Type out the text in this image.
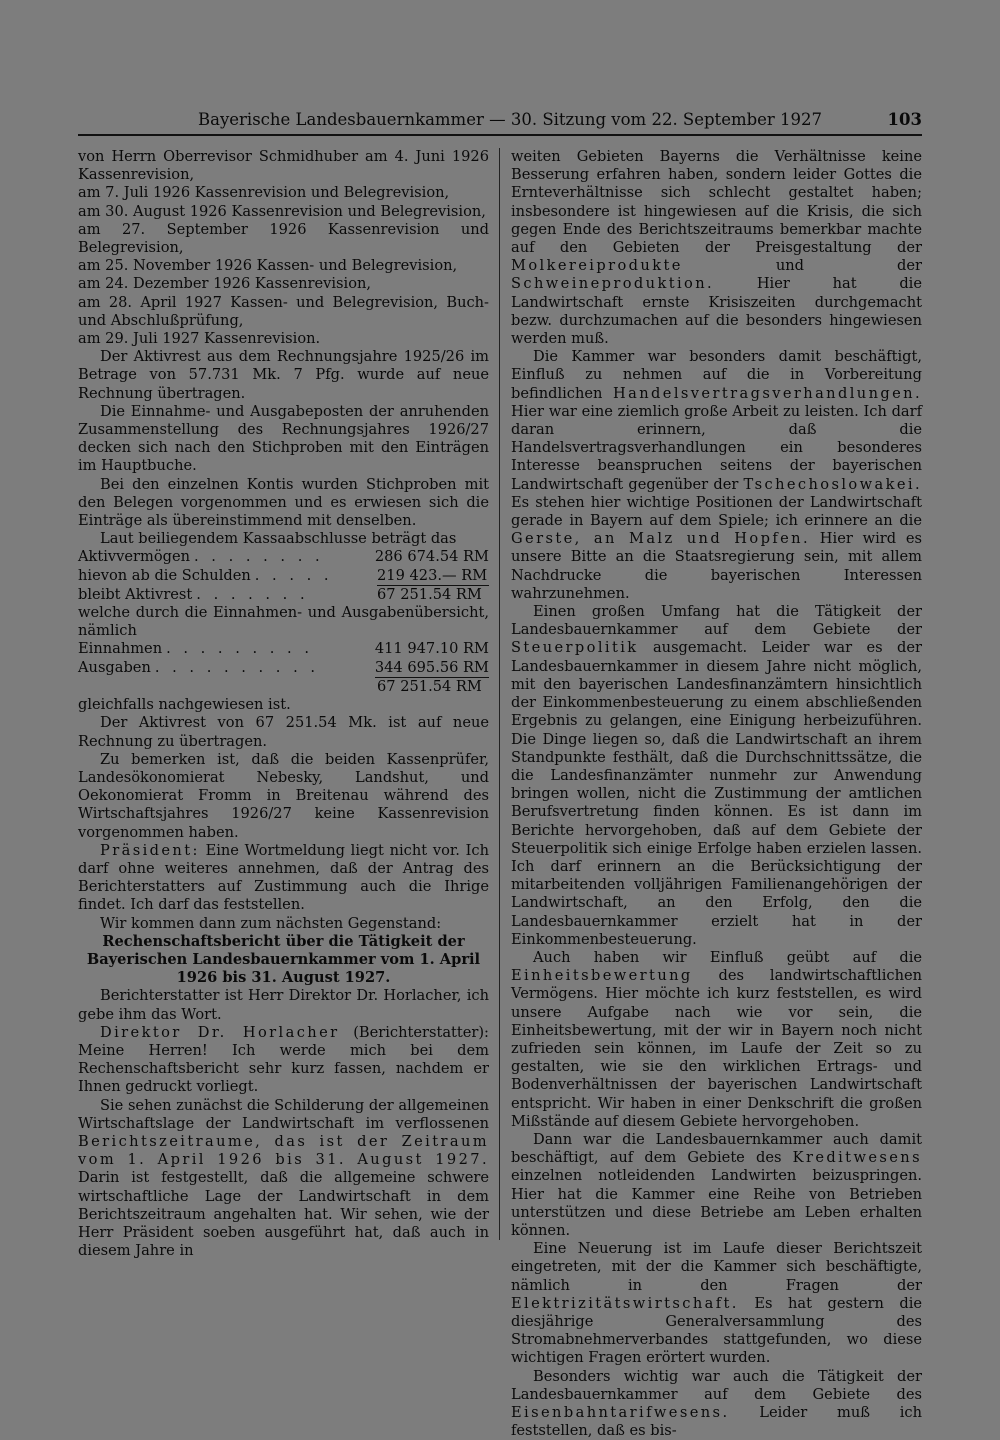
Bayerische Landesbauernkammer — 30. Sitzung vom 22. September 1927	103

von Herrn Oberrevisor Schmidhuber am 4. Juni 1926 Kassenrevision,

am 7. Juli 1926 Kassenrevision und Belegrevision,

am 30. August 1926 Kassenrevision und Belegrevision,

am 27. September 1926 Kassenrevision und Belegrevision,

am 25. November 1926 Kassen- und Belegrevision,

am 24. Dezember 1926 Kassenrevision,

am 28. April 1927 Kassen- und Belegrevision, Buch- und Abschlußprüfung,

am 29. Juli 1927 Kassenrevision.

Der Aktivrest aus dem Rechnungsjahre 1925/26 im Betrage von 57.731 Mk. 7 Pfg. wurde auf neue Rechnung übertragen.

Die Einnahme- und Ausgabeposten der anruhenden Zusammenstellung des Rechnungsjahres 1926/27 decken sich nach den Stichproben mit den Einträgen im Hauptbuche.

Bei den einzelnen Kontis wurden Stichproben mit den Belegen vorgenommen und es erwiesen sich die Einträge als übereinstimmend mit denselben.

Laut beiliegendem Kassaabschlusse beträgt das

Aktivvermögen . . . . . . . .	286 674.54 RM
hievon ab die Schulden . . . . .	219 423.— RM
bleibt Aktivrest . . . . . . .	67 251.54 RM

welche durch die Einnahmen- und Ausgabenübersicht, nämlich

Einnahmen . . . . . . . . .	411 947.10 RM
Ausgaben . . . . . . . . . .	344 695.56 RM
67 251.54 RM

gleichfalls nachgewiesen ist.

Der Aktivrest von 67 251.54 Mk. ist auf neue Rechnung zu übertragen.

Zu bemerken ist, daß die beiden Kassenprüfer, Landesökonomierat Nebesky, Landshut, und Oekonomierat Fromm in Breitenau während des Wirtschaftsjahres 1926/27 keine Kassenrevision vorgenommen haben.

Präsident: Eine Wortmeldung liegt nicht vor. Ich darf ohne weiteres annehmen, daß der Antrag des Berichterstatters auf Zustimmung auch die Ihrige findet. Ich darf das feststellen.

Wir kommen dann zum nächsten Gegenstand:

Rechenschaftsbericht über die Tätigkeit der Bayerischen Landesbauernkammer vom 1. April 1926 bis 31. August 1927.

Berichterstatter ist Herr Direktor Dr. Horlacher, ich gebe ihm das Wort.

Direktor Dr. Horlacher (Berichterstatter): Meine Herren! Ich werde mich bei dem Rechenschaftsbericht sehr kurz fassen, nachdem er Ihnen gedruckt vorliegt.

Sie sehen zunächst die Schilderung der allgemeinen Wirtschaftslage der Landwirtschaft im verflossenen Berichtszeitraume, das ist der Zeitraum vom 1. April 1926 bis 31. August 1927. Darin ist festgestellt, daß die allgemeine schwere wirtschaftliche Lage der Landwirtschaft in dem Berichtszeitraum angehalten hat. Wir sehen, wie der Herr Präsident soeben ausgeführt hat, daß auch in diesem Jahre in

weiten Gebieten Bayerns die Verhältnisse keine Besserung erfahren haben, sondern leider Gottes die Ernteverhältnisse sich schlecht gestaltet haben; insbesondere ist hingewiesen auf die Krisis, die sich gegen Ende des Berichtszeitraums bemerkbar machte auf den Gebieten der Preisgestaltung der Molkereiprodukte und der Schweineproduktion. Hier hat die Landwirtschaft ernste Krisiszeiten durchgemacht bezw. durchzumachen auf die besonders hingewiesen werden muß.

Die Kammer war besonders damit beschäftigt, Einfluß zu nehmen auf die in Vorbereitung befindlichen Handelsvertragsverhandlungen. Hier war eine ziemlich große Arbeit zu leisten. Ich darf daran erinnern, daß die Handelsvertragsverhandlungen ein besonderes Interesse beanspruchen seitens der bayerischen Landwirtschaft gegenüber der Tschechoslowakei. Es stehen hier wichtige Positionen der Landwirtschaft gerade in Bayern auf dem Spiele; ich erinnere an die Gerste, an Malz und Hopfen. Hier wird es unsere Bitte an die Staatsregierung sein, mit allem Nachdrucke die bayerischen Interessen wahrzunehmen.

Einen großen Umfang hat die Tätigkeit der Landesbauernkammer auf dem Gebiete der Steuerpolitik ausgemacht. Leider war es der Landesbauernkammer in diesem Jahre nicht möglich, mit den bayerischen Landesfinanzämtern hinsichtlich der Einkommenbesteuerung zu einem abschließenden Ergebnis zu gelangen, eine Einigung herbeizuführen. Die Dinge liegen so, daß die Landwirtschaft an ihrem Standpunkte festhält, daß die Durchschnittssätze, die die Landesfinanzämter nunmehr zur Anwendung bringen wollen, nicht die Zustimmung der amtlichen Berufsvertretung finden können. Es ist dann im Berichte hervorgehoben, daß auf dem Gebiete der Steuerpolitik sich einige Erfolge haben erzielen lassen. Ich darf erinnern an die Berücksichtigung der mitarbeitenden volljährigen Familienangehörigen der Landwirtschaft, an den Erfolg, den die Landesbauernkammer erzielt hat in der Einkommenbesteuerung.

Auch haben wir Einfluß geübt auf die Einheitsbewertung des landwirtschaftlichen Vermögens. Hier möchte ich kurz feststellen, es wird unsere Aufgabe nach wie vor sein, die Einheitsbewertung, mit der wir in Bayern noch nicht zufrieden sein können, im Laufe der Zeit so zu gestalten, wie sie den wirklichen Ertrags- und Bodenverhältnissen der bayerischen Landwirtschaft entspricht. Wir haben in einer Denkschrift die großen Mißstände auf diesem Gebiete hervorgehoben.

Dann war die Landesbauernkammer auch damit beschäftigt, auf dem Gebiete des Kreditwesens einzelnen notleidenden Landwirten beizuspringen. Hier hat die Kammer eine Reihe von Betrieben unterstützen und diese Betriebe am Leben erhalten können.

Eine Neuerung ist im Laufe dieser Berichtszeit eingetreten, mit der die Kammer sich beschäftigte, nämlich in den Fragen der Elektrizitätswirtschaft. Es hat gestern die diesjährige Generalversammlung des Stromabnehmerverbandes stattgefunden, wo diese wichtigen Fragen erörtert wurden.

Besonders wichtig war auch die Tätigkeit der Landesbauernkammer auf dem Gebiete des Eisenbahntarifwesens. Leider muß ich feststellen, daß es bis-
